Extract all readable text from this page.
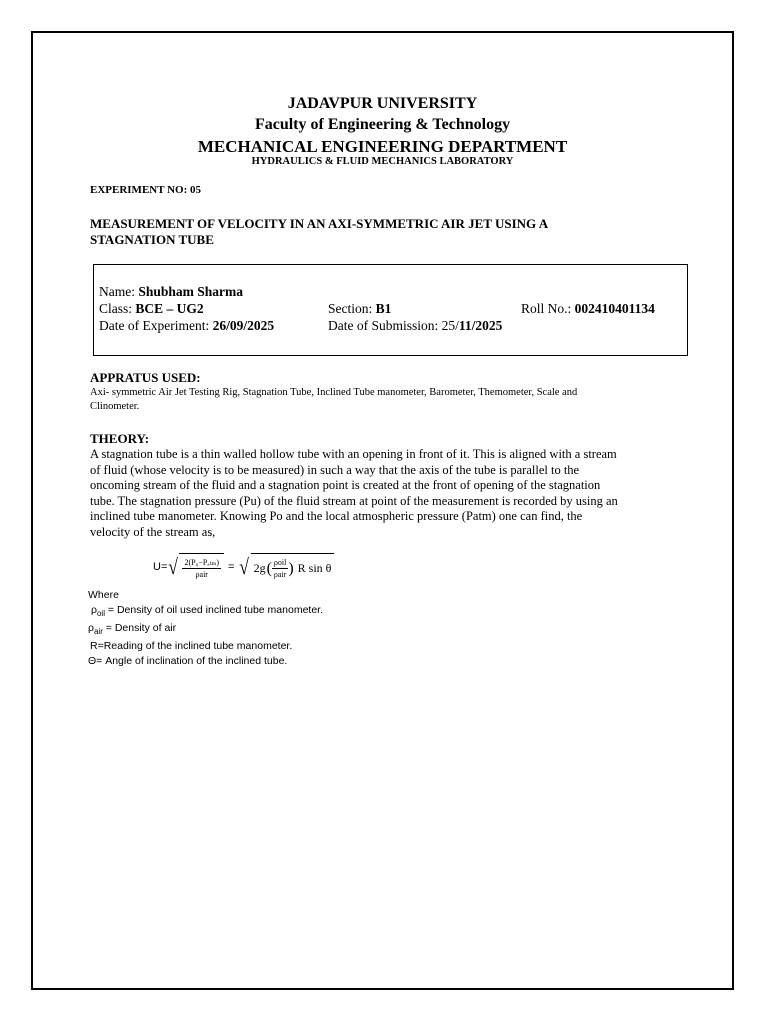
JADAVPUR UNIVERSITY
Faculty of Engineering & Technology
MECHANICAL ENGINEERING DEPARTMENT
HYDRAULICS & FLUID MECHANICS LABORATORY
EXPERIMENT NO: 05
MEASUREMENT OF VELOCITY IN AN AXI-SYMMETRIC AIR JET USING A
STAGNATION TUBE
Name: Shubham Sharma
Class: BCE – UG2	Section: B1	Roll No.: 002410401134
Date of Experiment: 26/09/2025	Date of Submission: 25/11/2025
APPRATUS USED:
Axi- symmetric Air Jet Testing Rig, Stagnation Tube, Inclined Tube manometer, Barometer, Themometer, Scale and
Clinometer.
THEORY:
A stagnation tube is a thin walled hollow tube with an opening in front of it. This is aligned with a stream
of fluid (whose velocity is to be measured) in such a way that the axis of the tube is parallel to the
oncoming stream of the fluid and a stagnation point is created at the front of opening of the stagnation
tube. The stagnation pressure (Pu) of the fluid stream at point of the measurement is recorded by using an
inclined tube manometer. Knowing Po and the local atmospheric pressure (Patm) one can find, the
velocity of the stream as,
U= √ $\frac{\text{2(P₀−Pₐₜₘ)}}{\text{ρair}}$ = √ 2g ( $\frac{\text{ρoil}}{\text{ρair}}$ ) R sin θ
Where
$\rho_{oil}$ = Density of oil used inclined tube manometer.
$\rho_{air}$ = Density of air
R=Reading of the inclined tube manometer.
Θ= Angle of inclination of the inclined tube.
